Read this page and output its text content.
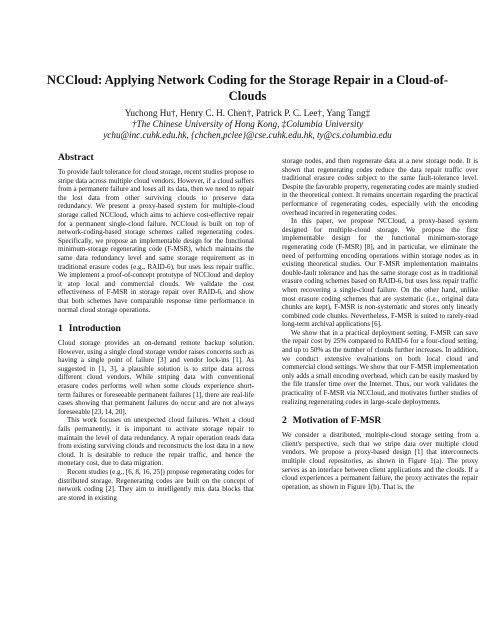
NCCloud: Applying Network Coding for the Storage Repair in a Cloud-of-Clouds
Yuchong Hu†, Henry C. H. Chen†, Patrick P. C. Lee†, Yang Tang‡
†The Chinese University of Hong Kong, ‡Columbia University
ychu@inc.cuhk.edu.hk, {chchen,pclee}@cse.cuhk.edu.hk, ty@cs.columbia.edu
Abstract

To provide fault tolerance for cloud storage, recent studies propose to stripe data across multiple cloud vendors. However, if a cloud suffers from a permanent failure and loses all its data, then we need to repair the lost data from other surviving clouds to preserve data redundancy. We present a proxy-based system for multiple-cloud storage called NCCloud, which aims to achieve cost-effective repair for a permanent single-cloud failure. NCCloud is built on top of network-coding-based storage schemes called regenerating codes. Specifically, we propose an implementable design for the functional minimum-storage regenerating code (F-MSR), which maintains the same data redundancy level and same storage requirement as in traditional erasure codes (e.g., RAID-6), but uses less repair traffic. We implement a proof-of-concept prototype of NCCloud and deploy it atop local and commercial clouds. We validate the cost effectiveness of F-MSR in storage repair over RAID-6, and show that both schemes have comparable response time performance in normal cloud storage operations.

1 Introduction

Cloud storage provides an on-demand remote backup solution. However, using a single cloud storage vendor raises concerns such as having a single point of failure [3] and vendor lock-ins [1]. As suggested in [1, 3], a plausible solution is to stripe data across different cloud vendors. While striping data with conventional erasure codes performs well when some clouds experience short-term failures or foreseeable permanent failures [1], there are real-life cases showing that permanent failures do occur and are not always foreseeable [23, 14, 20].

This work focuses on unexpected cloud failures. When a cloud fails permanently, it is important to activate storage repair to maintain the level of data redundancy. A repair operation reads data from existing surviving clouds and reconstructs the lost data in a new cloud. It is desirable to reduce the repair traffic, and hence the monetary cost, due to data migration.

Recent studies (e.g., [6, 8, 16, 25]) propose regenerating codes for distributed storage. Regenerating codes are built on the concept of network coding [2]. They aim to intelligently mix data blocks that are stored in existing

storage nodes, and then regenerate data at a new storage node. It is shown that regenerating codes reduce the data repair traffic over traditional erasure codes subject to the same fault-tolerance level. Despite the favorable property, regenerating codes are mainly studied in the theoretical context. It remains uncertain regarding the practical performance of regenerating codes, especially with the encoding overhead incurred in regenerating codes.

In this paper, we propose NCCloud, a proxy-based system designed for multiple-cloud storage. We propose the first implementable design for the functional minimum-storage regenerating code (F-MSR) [8], and in particular, we eliminate the need of performing encoding operations within storage nodes as in existing theoretical studies. Our F-MSR implementation maintains double-fault tolerance and has the same storage cost as in traditional erasure coding schemes based on RAID-6, but uses less repair traffic when recovering a single-cloud failure. On the other hand, unlike most erasure coding schemes that are systematic (i.e., original data chunks are kept), F-MSR is non-systematic and stores only linearly combined code chunks. Nevertheless, F-MSR is suited to rarely-read long-term archival applications [6].

We show that in a practical deployment setting, F-MSR can save the repair cost by 25% compared to RAID-6 for a four-cloud setting, and up to 50% as the number of clouds further increases. In addition, we conduct extensive evaluations on both local cloud and commercial cloud settings. We show that our F-MSR implementation only adds a small encoding overhead, which can be easily masked by the file transfer time over the Internet. Thus, our work validates the practicality of F-MSR via NCCloud, and motivates further studies of realizing regenerating codes in large-scale deployments.

2 Motivation of F-MSR

We consider a distributed, multiple-cloud storage setting from a client's perspective, such that we stripe data over multiple cloud vendors. We propose a proxy-based design [1] that interconnects multiple cloud repositories, as shown in Figure 1(a). The proxy serves as an interface between client applications and the clouds. If a cloud experiences a permanent failure, the proxy activates the repair operation, as shown in Figure 1(b). That is, the
